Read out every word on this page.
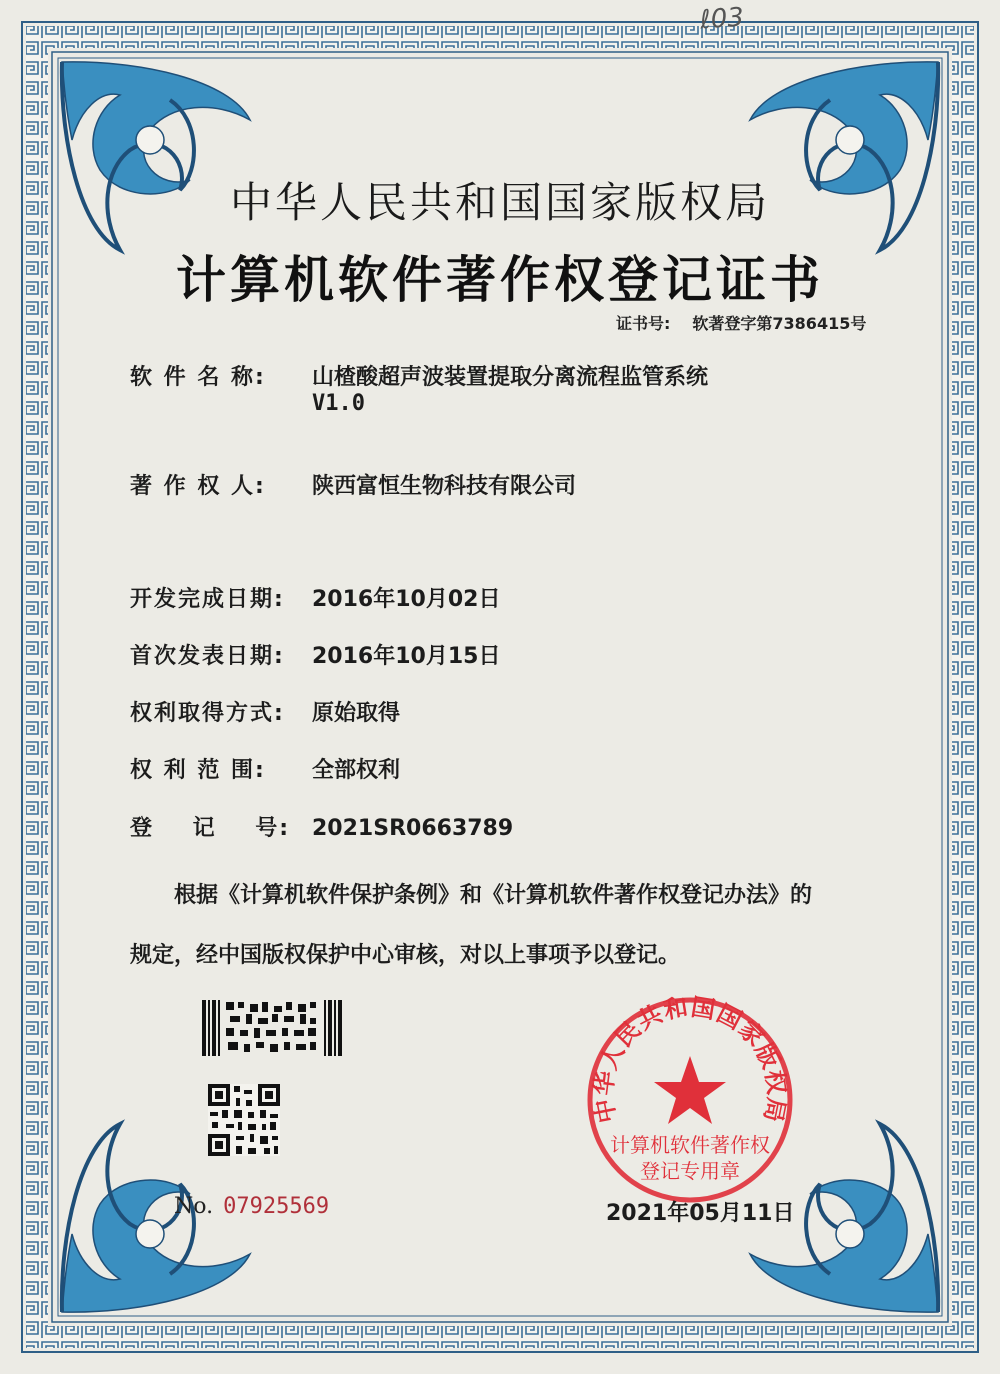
ℓ03
中华人民共和国国家版权局
计算机软件著作权登记证书
证书号: 软著登字第7386415号
软 件 名 称: 山楂酸超声波装置提取分离流程监管系统
V1.0
著 作 权 人: 陕西富恒生物科技有限公司
开发完成日期: 2016年10月02日
首次发表日期: 2016年10月15日
权利取得方式: 原始取得
权 利 范 围: 全部权利
登    记    号: 2021SR0663789
根据《计算机软件保护条例》和《计算机软件著作权登记办法》的
规定，经中国版权保护中心审核，对以上事项予以登记。
No. 07925569
中华人民共和国国家版权局
计算机软件著作权
登记专用章
2021年05月11日
